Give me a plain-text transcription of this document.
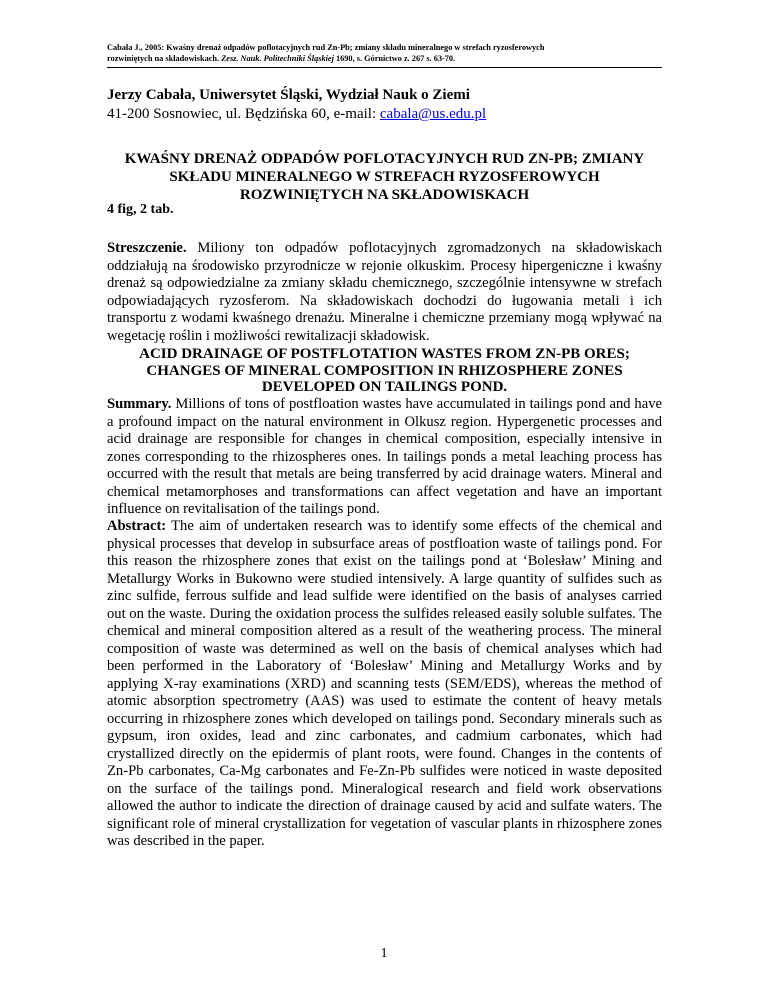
Cabała J., 2005: Kwaśny drenaż odpadów poflotacyjnych rud Zn-Pb; zmiany składu mineralnego w strefach ryzosferowych
rozwiniętych na składowiskach. Zesz. Nauk. Politechniki Śląskiej 1690, s. Górnictwo z. 267 s. 63-70.
Jerzy Cabała, Uniwersytet Śląski, Wydział Nauk o Ziemi
41-200 Sosnowiec, ul. Będzińska 60, e-mail: cabala@us.edu.pl
KWAŚNY DRENAŻ ODPADÓW POFLOTACYJNYCH RUD ZN-PB; ZMIANY SKŁADU MINERALNEGO W STREFACH RYZOSFEROWYCH ROZWINIĘTYCH NA SKŁADOWISKACH
4 fig, 2 tab.
Streszczenie. Miliony ton odpadów poflotacyjnych zgromadzonych na składowiskach oddziałują na środowisko przyrodnicze w rejonie olkuskim. Procesy hipergeniczne i kwaśny drenaż są odpowiedzialne za zmiany składu chemicznego, szczególnie intensywne w strefach odpowiadających ryzosferom. Na składowiskach dochodzi do ługowania metali i ich transportu z wodami kwaśnego drenażu. Mineralne i chemiczne przemiany mogą wpływać na wegetację roślin i możliwości rewitalizacji składowisk.
ACID DRAINAGE OF POSTFLOTATION WASTES FROM ZN-PB ORES; CHANGES OF MINERAL COMPOSITION IN RHIZOSPHERE ZONES DEVELOPED ON TAILINGS POND.
Summary. Millions of tons of postfloation wastes have accumulated in tailings pond and have a profound impact on the natural environment in Olkusz region. Hypergenetic processes and acid drainage are responsible for changes in chemical composition, especially intensive in zones corresponding to the rhizospheres ones. In tailings ponds a metal leaching process has occurred with the result that metals are being transferred by acid drainage waters. Mineral and chemical metamorphoses and transformations can affect vegetation and have an important influence on revitalisation of the tailings pond.
Abstract: The aim of undertaken research was to identify some effects of the chemical and physical processes that develop in subsurface areas of postfloation waste of tailings pond. For this reason the rhizosphere zones that exist on the tailings pond at ‘Bolesław’ Mining and Metallurgy Works in Bukowno were studied intensively. A large quantity of sulfides such as zinc sulfide, ferrous sulfide and lead sulfide were identified on the basis of analyses carried out on the waste. During the oxidation process the sulfides released easily soluble sulfates. The chemical and mineral composition altered as a result of the weathering process. The mineral composition of waste was determined as well on the basis of chemical analyses which had been performed in the Laboratory of ‘Bolesław’ Mining and Metallurgy Works and by applying X-ray examinations (XRD) and scanning tests (SEM/EDS), whereas the method of atomic absorption spectrometry (AAS) was used to estimate the content of heavy metals occurring in rhizosphere zones which developed on tailings pond. Secondary minerals such as gypsum, iron oxides, lead and zinc carbonates, and cadmium carbonates, which had crystallized directly on the epidermis of plant roots, were found. Changes in the contents of Zn-Pb carbonates, Ca-Mg carbonates and Fe-Zn-Pb sulfides were noticed in waste deposited on the surface of the tailings pond. Mineralogical research and field work observations allowed the author to indicate the direction of drainage caused by acid and sulfate waters. The significant role of mineral crystallization for vegetation of vascular plants in rhizosphere zones was described in the paper.
1
